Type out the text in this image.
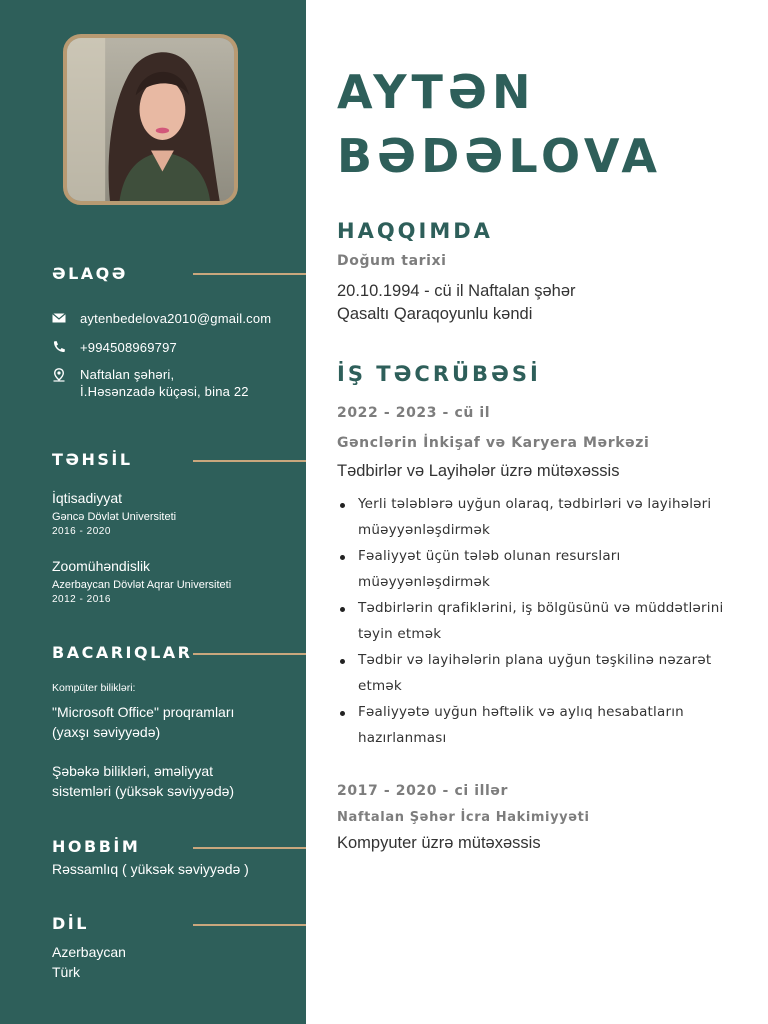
ƏLAQƏ
aytenbedelova2010@gmail.com
+994508969797
Naftalan şəhəri,
İ.Həsənzadə küçəsi, bina 22
TƏHSİL
İqtisadiyyat
Gəncə Dövlət Universiteti
2016 - 2020
Zoomühəndislik
Azerbaycan Dövlət Aqrar Universiteti
2012 - 2016
BACARIQLAR
Kompüter bilikləri:
"Microsoft Office" proqramları
(yaxşı səviyyədə)
Şəbəkə bilikləri, əməliyyat
sistemləri (yüksək səviyyədə)
HOBBİM
Rəssamlıq ( yüksək səviyyədə )
DİL
Azerbaycan
Türk
AYTƏN
BƏDƏLOVA
HAQQIMDA
Doğum tarixi
20.10.1994 - cü il Naftalan şəhər
Qasaltı Qaraqoyunlu kəndi
İŞ TƏCRÜBƏSİ
2022 - 2023 - cü il
Gənclərin İnkişaf və Karyera Mərkəzi
Tədbirlər və Layihələr üzrə mütəxəssis
Yerli tələblərə uyğun olaraq, tədbirləri və layihələri
müəyyənləşdirmək
Fəaliyyət üçün tələb olunan resursları
müəyyənləşdirmək
Tədbirlərin qrafiklərini, iş bölgüsünü və müddətlərini
təyin etmək
Tədbir və layihələrin plana uyğun təşkilinə nəzarət
etmək
Fəaliyyətə uyğun həftəlik və aylıq hesabatların
hazırlanması
2017 - 2020 - ci illər
Naftalan Şəhər İcra Hakimiyyəti
Kompyuter üzrə mütəxəssis
